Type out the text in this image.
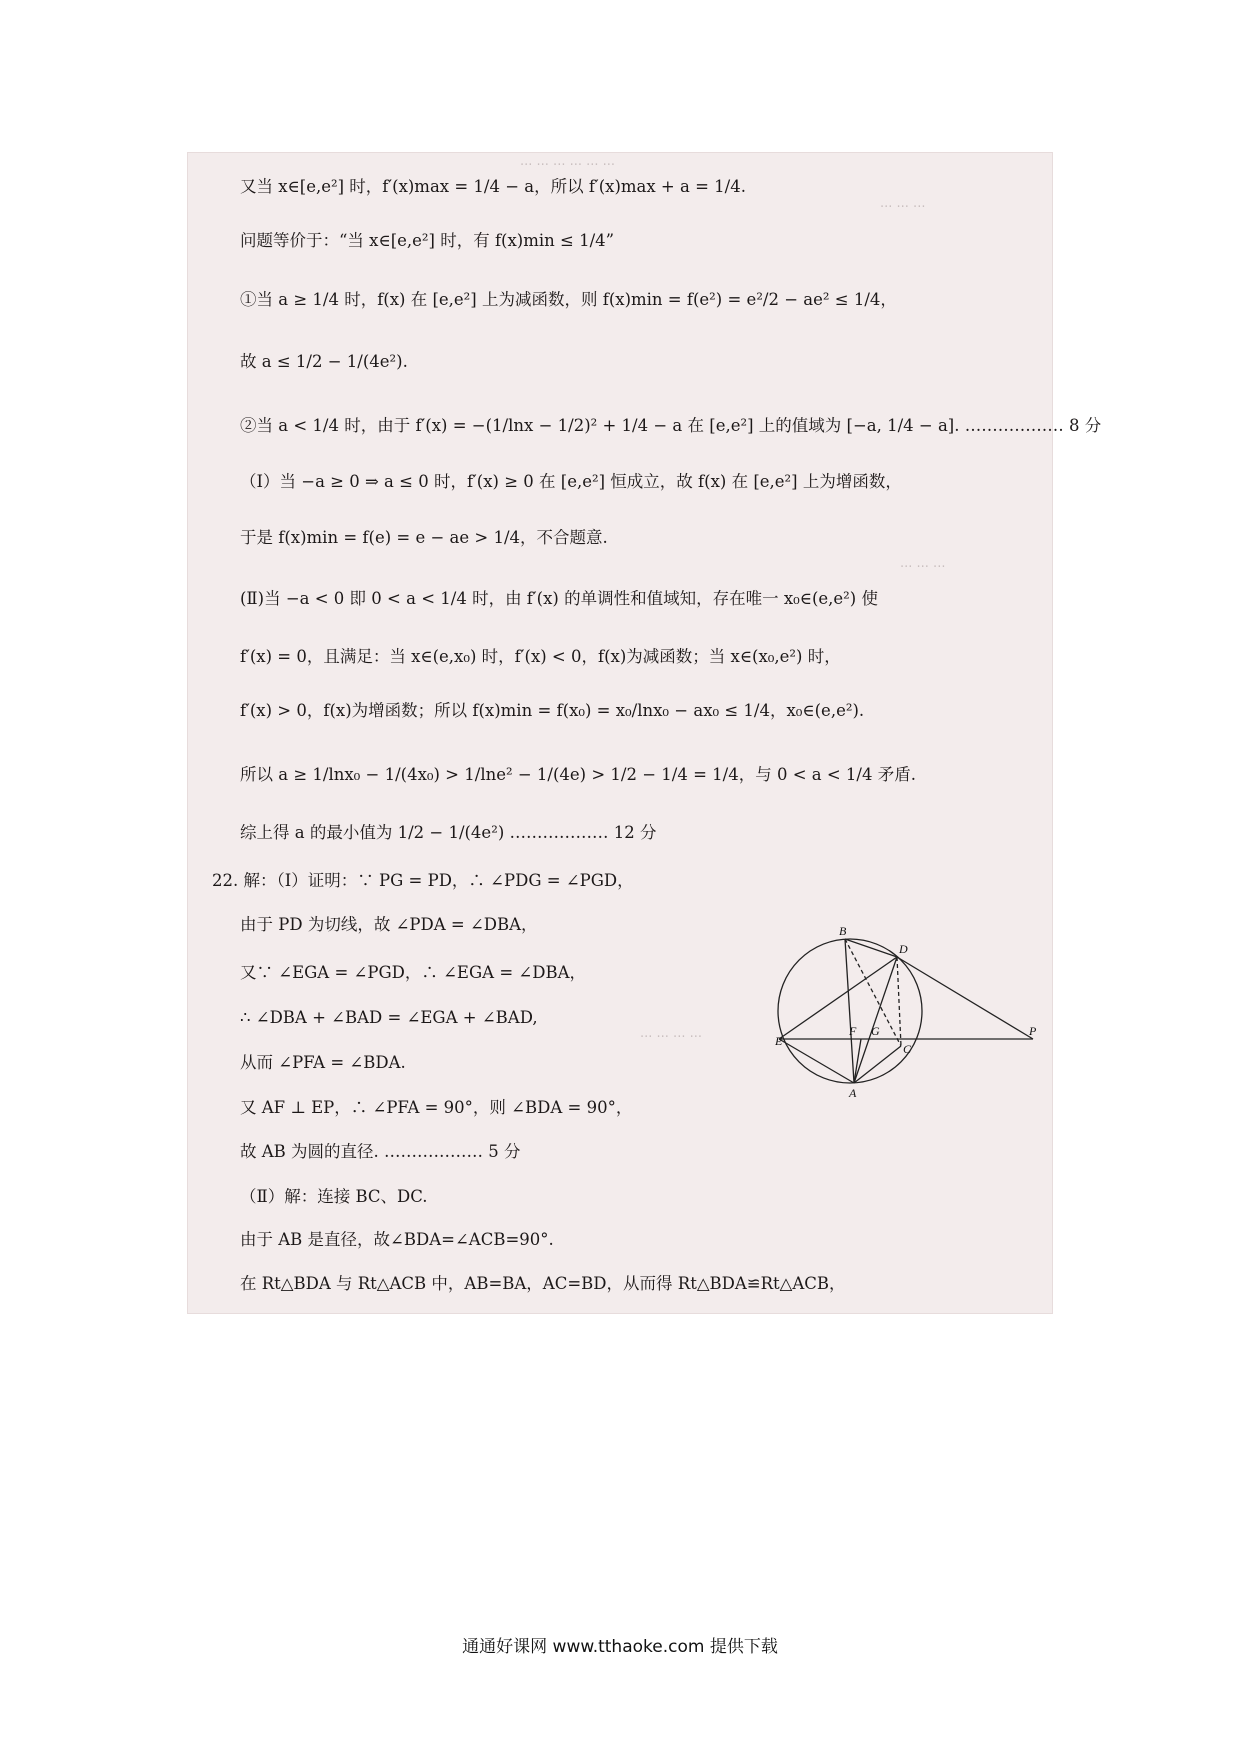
··· ··· ··· ··· ··· ···
··· ··· ···
··· ··· ···
··· ··· ··· ···
又当 x∈[e,e²] 时，f′(x)max = 1/4 − a，所以 f′(x)max + a = 1/4.
问题等价于：“当 x∈[e,e²] 时，有 f(x)min ≤ 1/4”
①当 a ≥ 1/4 时，f(x) 在 [e,e²] 上为减函数，则 f(x)min = f(e²) = e²/2 − ae² ≤ 1/4，
故 a ≤ 1/2 − 1/(4e²).
②当 a < 1/4 时，由于 f′(x) = −(1/lnx − 1/2)² + 1/4 − a 在 [e,e²] 上的值域为 [−a, 1/4 − a]. ……………… 8 分
（Ⅰ）当 −a ≥ 0 ⇒ a ≤ 0 时，f′(x) ≥ 0 在 [e,e²] 恒成立，故 f(x) 在 [e,e²] 上为增函数，
于是 f(x)min = f(e) = e − ae > 1/4，不合题意.
(Ⅱ)当 −a < 0 即 0 < a < 1/4 时，由 f′(x) 的单调性和值域知，存在唯一 x₀∈(e,e²) 使
f′(x) = 0，且满足：当 x∈(e,x₀) 时，f′(x) < 0，f(x)为减函数；当 x∈(x₀,e²) 时，
f′(x) > 0，f(x)为增函数；所以 f(x)min = f(x₀) = x₀/lnx₀ − ax₀ ≤ 1/4，x₀∈(e,e²).
所以 a ≥ 1/lnx₀ − 1/(4x₀) > 1/lne² − 1/(4e) > 1/2 − 1/4 = 1/4，与 0 < a < 1/4 矛盾.
综上得 a 的最小值为 1/2 − 1/(4e²) ……………… 12 分
22. 解：（Ⅰ）证明：∵ PG = PD，∴ ∠PDG = ∠PGD，
由于 PD 为切线，故 ∠PDA = ∠DBA，
又∵ ∠EGA = ∠PGD，∴ ∠EGA = ∠DBA，
∴ ∠DBA + ∠BAD = ∠EGA + ∠BAD,
从而 ∠PFA = ∠BDA.
又 AF ⊥ EP，∴ ∠PFA = 90°，则 ∠BDA = 90°，
故 AB 为圆的直径. ……………… 5 分
（Ⅱ）解：连接 BC、DC.
由于 AB 是直径，故∠BDA=∠ACB=90°.
在 Rt△BDA 与 Rt△ACB 中，AB=BA，AC=BD，从而得 Rt△BDA≌Rt△ACB，
B
D
E
F G
A
C
P
通通好课网 www.tthaoke.com 提供下载
